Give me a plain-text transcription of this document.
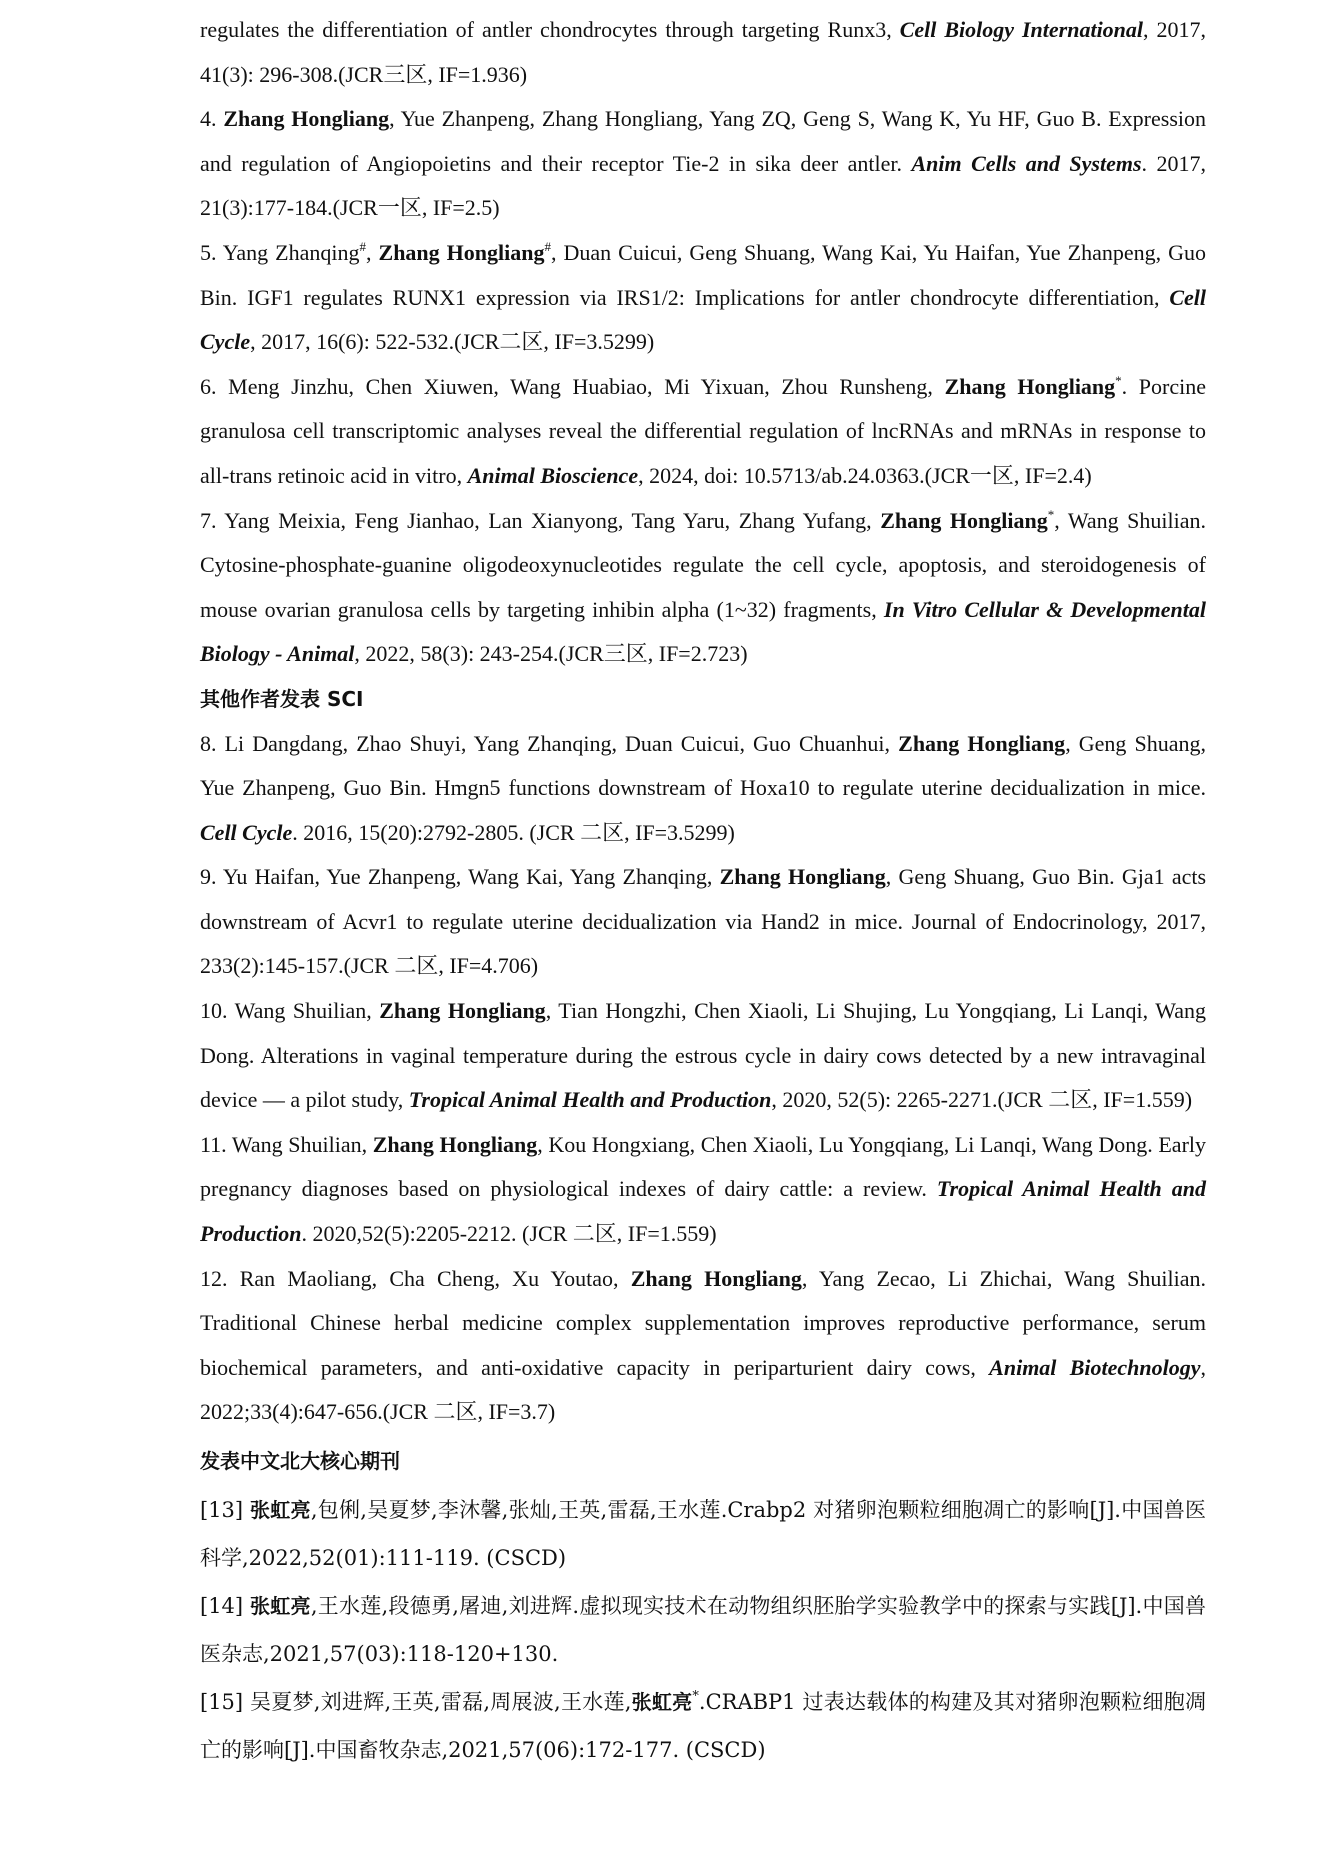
regulates the differentiation of antler chondrocytes through targeting Runx3, Cell Biology International, 2017, 41(3): 296-308.(JCR三区, IF=1.936)

4. Zhang Hongliang, Yue Zhanpeng, Zhang Hongliang, Yang ZQ, Geng S, Wang K, Yu HF, Guo B. Expression and regulation of Angiopoietins and their receptor Tie-2 in sika deer antler. Anim Cells and Systems. 2017, 21(3):177-184.(JCR一区, IF=2.5)

5. Yang Zhanqing#, Zhang Hongliang#, Duan Cuicui, Geng Shuang, Wang Kai, Yu Haifan, Yue Zhanpeng, Guo Bin. IGF1 regulates RUNX1 expression via IRS1/2: Implications for antler chondrocyte differentiation, Cell Cycle, 2017, 16(6): 522-532.(JCR二区, IF=3.5299)

6. Meng Jinzhu, Chen Xiuwen, Wang Huabiao, Mi Yixuan, Zhou Runsheng, Zhang Hongliang*. Porcine granulosa cell transcriptomic analyses reveal the differential regulation of lncRNAs and mRNAs in response to all-trans retinoic acid in vitro, Animal Bioscience, 2024, doi: 10.5713/ab.24.0363.(JCR一区, IF=2.4)

7. Yang Meixia, Feng Jianhao, Lan Xianyong, Tang Yaru, Zhang Yufang, Zhang Hongliang*, Wang Shuilian. Cytosine-phosphate-guanine oligodeoxynucleotides regulate the cell cycle, apoptosis, and steroidogenesis of mouse ovarian granulosa cells by targeting inhibin alpha (1~32) fragments, In Vitro Cellular & Developmental Biology - Animal, 2022, 58(3): 243-254.(JCR三区, IF=2.723)

其他作者发表 SCI

8. Li Dangdang, Zhao Shuyi, Yang Zhanqing, Duan Cuicui, Guo Chuanhui, Zhang Hongliang, Geng Shuang, Yue Zhanpeng, Guo Bin. Hmgn5 functions downstream of Hoxa10 to regulate uterine decidualization in mice. Cell Cycle. 2016, 15(20):2792-2805. (JCR 二区, IF=3.5299)

9. Yu Haifan, Yue Zhanpeng, Wang Kai, Yang Zhanqing, Zhang Hongliang, Geng Shuang, Guo Bin. Gja1 acts downstream of Acvr1 to regulate uterine decidualization via Hand2 in mice. Journal of Endocrinology, 2017, 233(2):145-157.(JCR 二区, IF=4.706)

10. Wang Shuilian, Zhang Hongliang, Tian Hongzhi, Chen Xiaoli, Li Shujing, Lu Yongqiang, Li Lanqi, Wang Dong. Alterations in vaginal temperature during the estrous cycle in dairy cows detected by a new intravaginal device — a pilot study, Tropical Animal Health and Production, 2020, 52(5): 2265-2271.(JCR 二区, IF=1.559)

11. Wang Shuilian, Zhang Hongliang, Kou Hongxiang, Chen Xiaoli, Lu Yongqiang, Li Lanqi, Wang Dong. Early pregnancy diagnoses based on physiological indexes of dairy cattle: a review. Tropical Animal Health and Production. 2020,52(5):2205-2212. (JCR 二区, IF=1.559)

12. Ran Maoliang, Cha Cheng, Xu Youtao, Zhang Hongliang, Yang Zecao, Li Zhichai, Wang Shuilian. Traditional Chinese herbal medicine complex supplementation improves reproductive performance, serum biochemical parameters, and anti-oxidative capacity in periparturient dairy cows, Animal Biotechnology, 2022;33(4):647-656.(JCR 二区, IF=3.7)

发表中文北大核心期刊

[13] 张虹亮,包俐,吴夏梦,李沐馨,张灿,王英,雷磊,王水莲.Crabp2 对猪卵泡颗粒细胞凋亡的影响[J].中国兽医科学,2022,52(01):111-119. (CSCD)

[14] 张虹亮,王水莲,段德勇,屠迪,刘进辉.虚拟现实技术在动物组织胚胎学实验教学中的探索与实践[J].中国兽医杂志,2021,57(03):118-120+130.

[15] 吴夏梦,刘进辉,王英,雷磊,周展波,王水莲,张虹亮*.CRABP1 过表达载体的构建及其对猪卵泡颗粒细胞凋亡的影响[J].中国畜牧杂志,2021,57(06):172-177. (CSCD)
